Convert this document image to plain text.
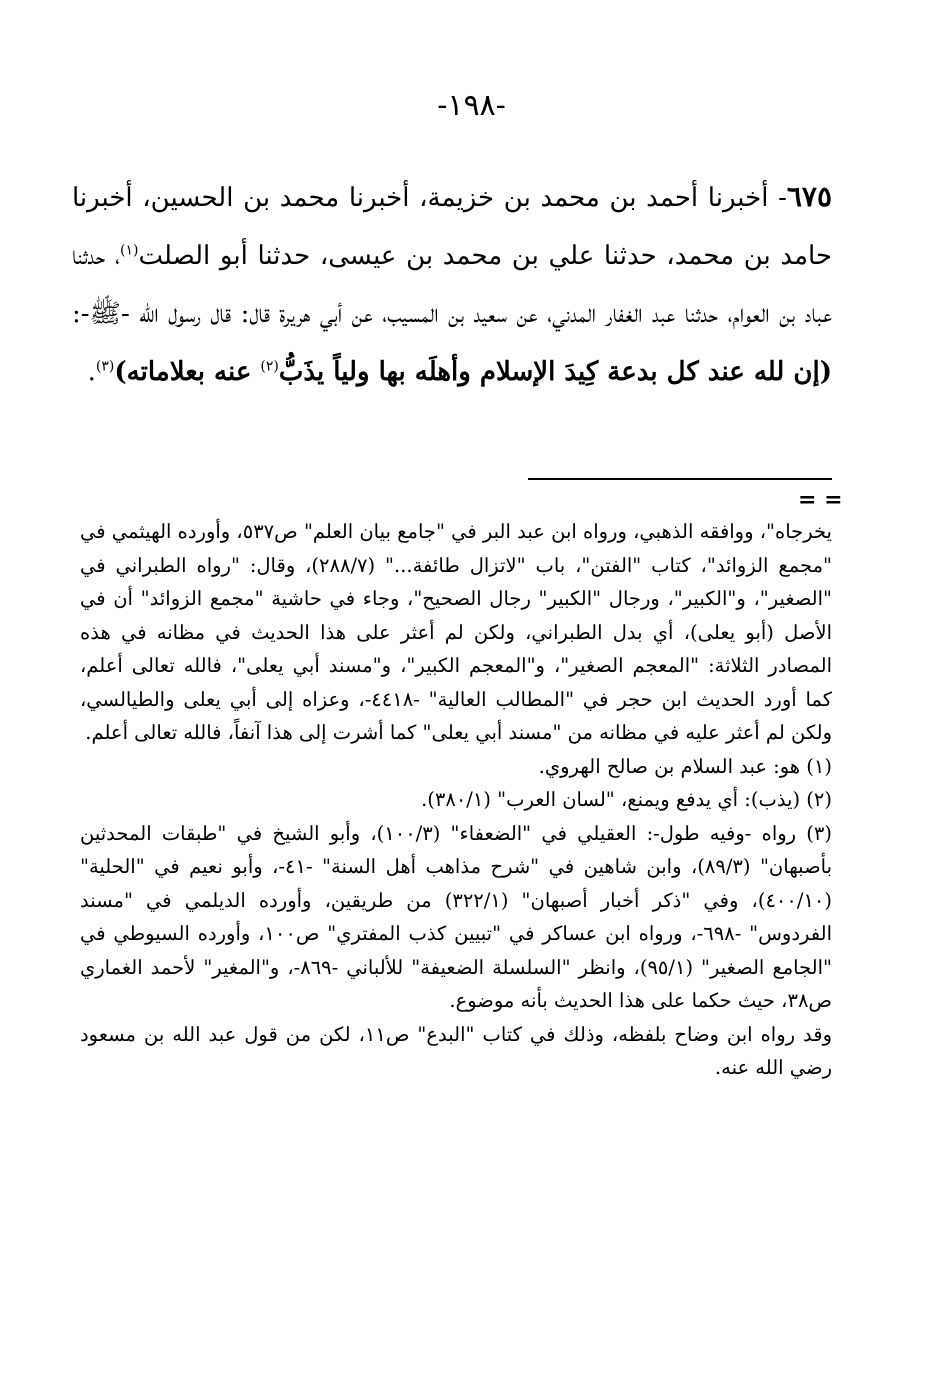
-١٩٨-
٦٧٥- أخبرنا أحمد بن محمد بن خزيمة، أخبرنا محمد بن الحسين، أخبرنا حامد بن محمد، حدثنا علي بن محمد بن عيسى، حدثنا أبو الصلت$^{(١)}$، حدثنا عباد بن العوام، حدثنا عبد الغفار المدني، عن سعيد بن المسيب، عن أبي هريرة قال: قال رسول الله -ﷺ-: (إن لله عند كل بدعة كِيدَ الإسلام وأهلَه بها ولياً يذَبُّ$^{(٢)}$ عنه بعلاماته)$^{(٣)}$.
= =

يخرجاه"، ووافقه الذهبي، ورواه ابن عبد البر في "جامع بيان العلم" ص٥٣٧، وأورده الهيثمي في "مجمع الزوائد"، كتاب "الفتن"، باب "لاتزال طائفة..." (٢٨٨/٧)، وقال: "رواه الطبراني في "الصغير"، و"الكبير"، ورجال "الكبير" رجال الصحيح"، وجاء في حاشية "مجمع الزوائد" أن في الأصل (أبو يعلى)، أي بدل الطبراني، ولكن لم أعثر على هذا الحديث في مظانه في هذه المصادر الثلاثة: "المعجم الصغير"، و"المعجم الكبير"، و"مسند أبي يعلى"، فالله تعالى أعلم، كما أورد الحديث ابن حجر في "المطالب العالية" -٤٤١٨-، وعزاه إلى أبي يعلى والطيالسي، ولكن لم أعثر عليه في مظانه من "مسند أبي يعلى" كما أشرت إلى هذا آنفاً، فالله تعالى أعلم.

(١) هو: عبد السلام بن صالح الهروي.

(٢) (يذب): أي يدفع ويمنع، "لسان العرب" (٣٨٠/١).

(٣) رواه -وفيه طول-: العقيلي في "الضعفاء" (١٠٠/٣)، وأبو الشيخ في "طبقات المحدثين بأصبهان" (٨٩/٣)، وابن شاهين في "شرح مذاهب أهل السنة" -٤١-، وأبو نعيم في "الحلية" (٤٠٠/١٠)، وفي "ذكر أخبار أصبهان" (٣٢٢/١) من طريقين، وأورده الديلمي في "مسند الفردوس" -٦٩٨-، ورواه ابن عساكر في "تبيين كذب المفتري" ص١٠٠، وأورده السيوطي في "الجامع الصغير" (٩٥/١)، وانظر "السلسلة الضعيفة" للألباني -٨٦٩-، و"المغير" لأحمد الغماري ص٣٨، حيث حكما على هذا الحديث بأنه موضوع.

وقد رواه ابن وضاح بلفظه، وذلك في كتاب "البدع" ص١١، لكن من قول عبد الله بن مسعود رضي الله عنه.
